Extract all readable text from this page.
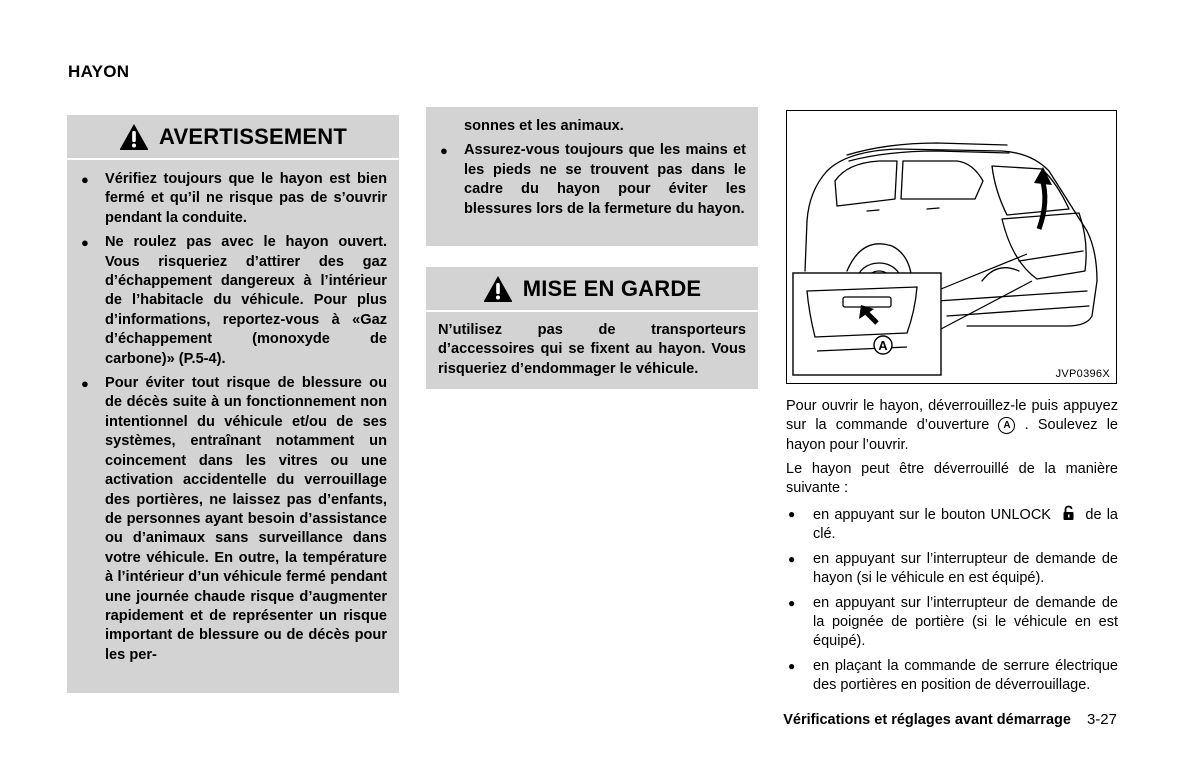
HAYON
AVERTISSEMENT
● Vérifiez toujours que le hayon est bien fermé et qu’il ne risque pas de s’ouvrir pendant la conduite.
● Ne roulez pas avec le hayon ouvert. Vous risqueriez d’attirer des gaz d’échappement dangereux à l’intérieur de l’habitacle du véhicule. Pour plus d’informations, reportez-vous à «Gaz d’échappement (monoxyde de carbone)» (P.5-4).
● Pour éviter tout risque de blessure ou de décès suite à un fonctionnement non intentionnel du véhicule et/ou de ses systèmes, entraînant notamment un coincement dans les vitres ou une activation accidentelle du verrouillage des portières, ne laissez pas d’enfants, de personnes ayant besoin d’assistance ou d’animaux sans surveillance dans votre véhicule. En outre, la température à l’intérieur d’un véhicule fermé pendant une journée chaude risque d’augmenter rapidement et de représenter un risque important de blessure ou de décès pour les per-
sonnes et les animaux.
● Assurez-vous toujours que les mains et les pieds ne se trouvent pas dans le cadre du hayon pour éviter les blessures lors de la fermeture du hayon.
MISE EN GARDE
N’utilisez pas de transporteurs d’accessoires qui se fixent au hayon. Vous risqueriez d’endommager le véhicule.
A
JVP0396X
Pour ouvrir le hayon, déverrouillez-le puis appuyez sur la commande d’ouverture A . Soulevez le hayon pour l’ouvrir.
Le hayon peut être déverrouillé de la manière suivante :
● en appuyant sur le bouton UNLOCK de la clé.
● en appuyant sur l’interrupteur de demande de hayon (si le véhicule en est équipé).
● en appuyant sur l’interrupteur de demande de la poignée de portière (si le véhicule en est équipé).
● en plaçant la commande de serrure électrique des portières en position de déverrouillage.
Vérifications et réglages avant démarrage 3-27
